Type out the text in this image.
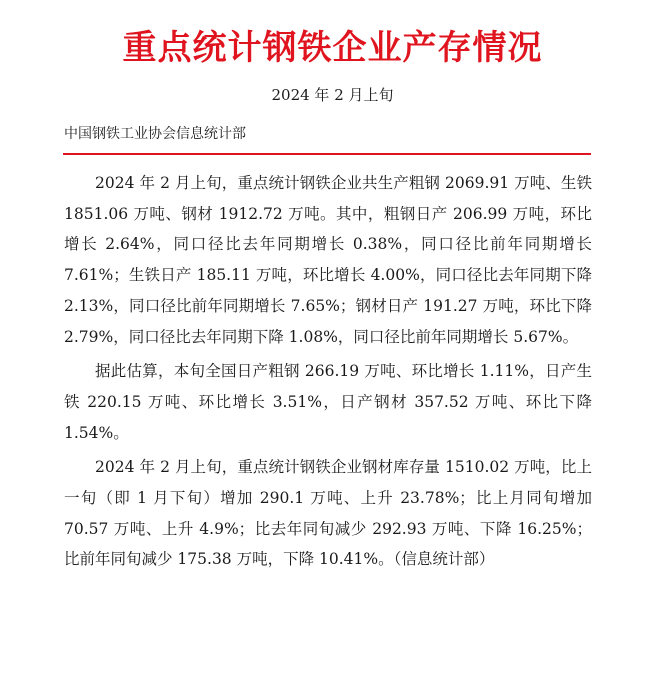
重点统计钢铁企业产存情况
2024 年 2 月上旬
中国钢铁工业协会信息统计部

2024 年 2 月上旬，重点统计钢铁企业共生产粗钢 2069.91 万吨、生铁 1851.06 万吨、钢材 1912.72 万吨。其中，粗钢日产 206.99 万吨，环比增长 2.64%，同口径比去年同期增长 0.38%，同口径比前年同期增长 7.61%；生铁日产 185.11 万吨，环比增长 4.00%，同口径比去年同期下降 2.13%，同口径比前年同期增长 7.65%；钢材日产 191.27 万吨，环比下降 2.79%，同口径比去年同期下降 1.08%，同口径比前年同期增长 5.67%。

据此估算，本旬全国日产粗钢 266.19 万吨、环比增长 1.11%，日产生铁 220.15 万吨、环比增长 3.51%，日产钢材 357.52 万吨、环比下降 1.54%。

2024 年 2 月上旬，重点统计钢铁企业钢材库存量 1510.02 万吨，比上一旬（即 1 月下旬）增加 290.1 万吨、上升 23.78%；比上月同旬增加 70.57 万吨、上升 4.9%；比去年同旬减少 292.93 万吨、下降 16.25%；比前年同旬减少 175.38 万吨，下降 10.41%。（信息统计部）
